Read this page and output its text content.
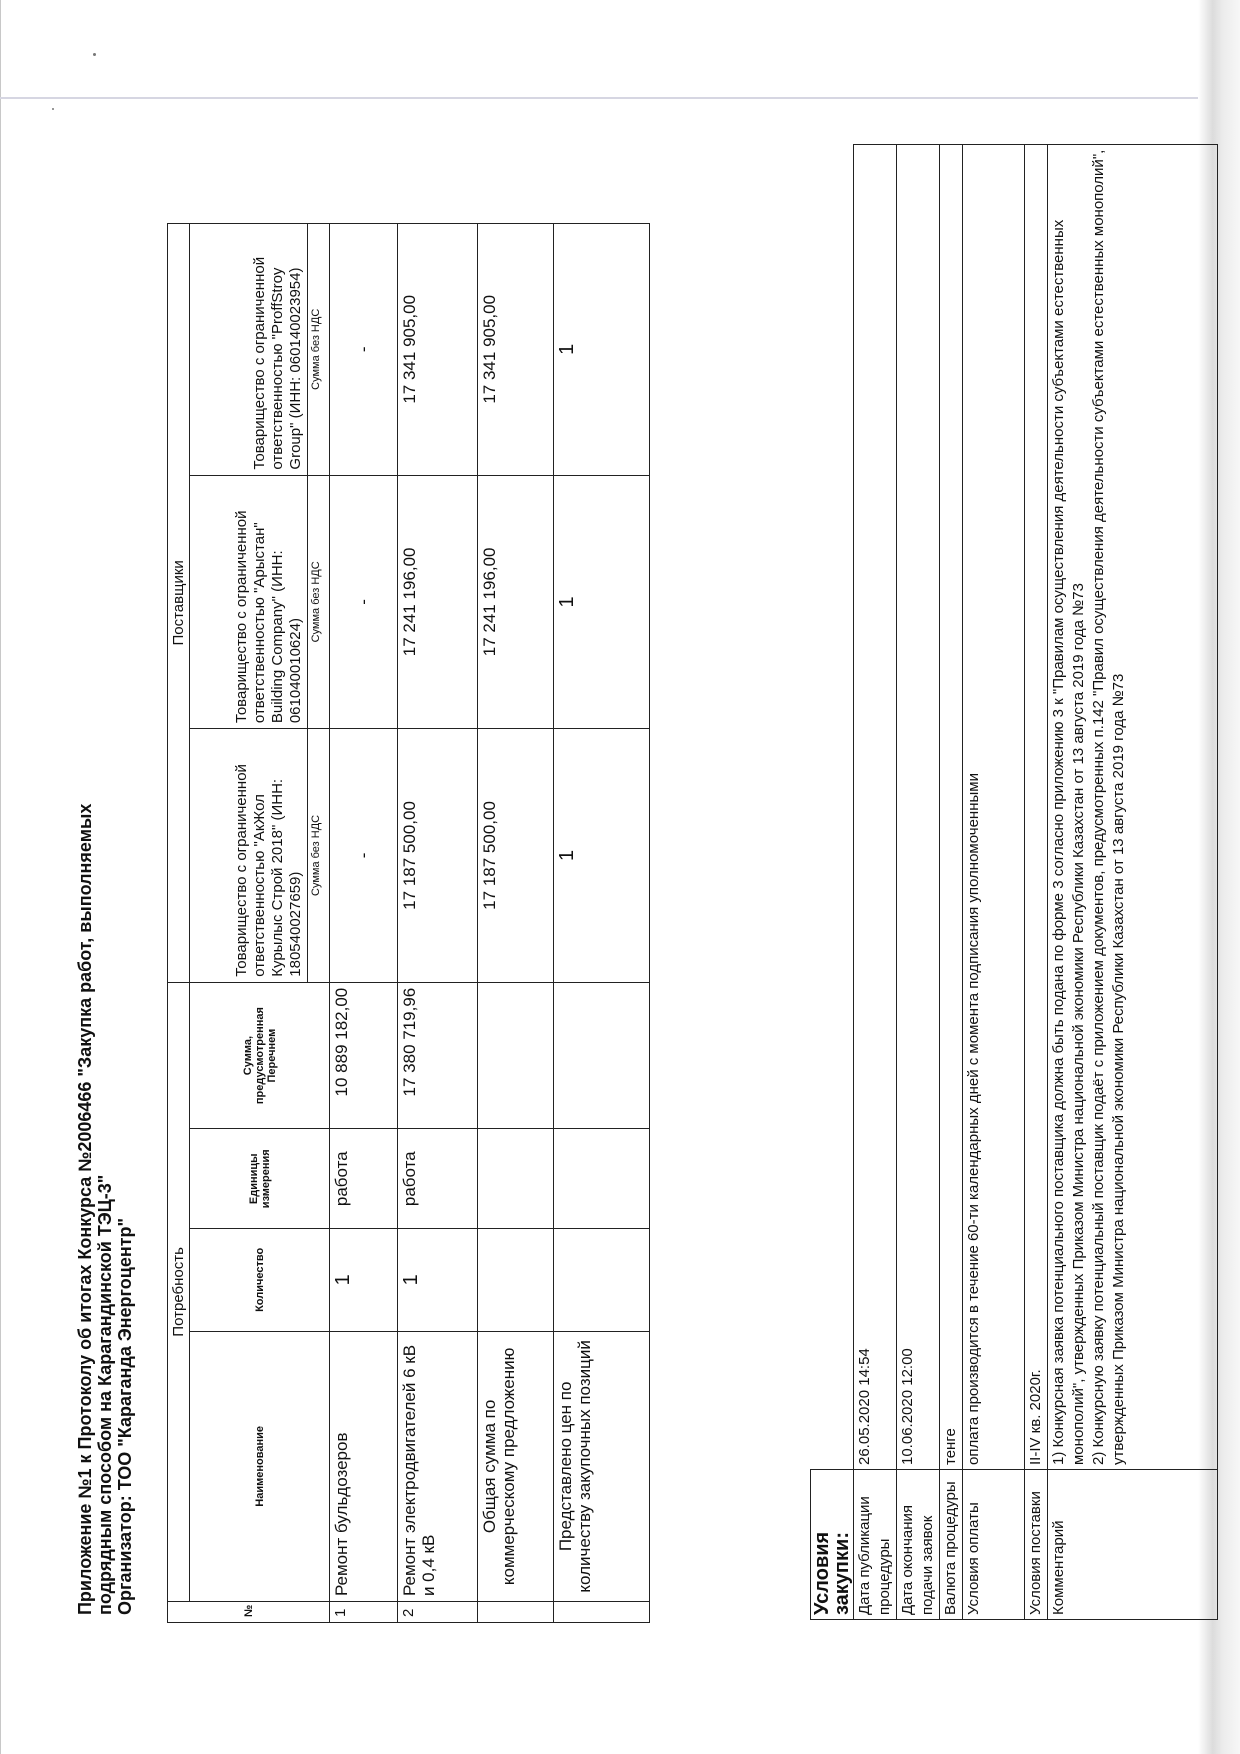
Приложение №1 к Протоколу об итогах Конкурса №2006466 "Закупка работ, выполняемых подрядным способом на Карагандинской ТЭЦ-3" Организатор: ТОО "Караганда Энергоцентр"	№	Потребность				Поставщики		
	Наименование	Количество	Единицы измерения	Сумма, предусмотренная Перечнем	Товарищество с ограниченной ответственностью "АкЖол Курылыс Строй 2018" (ИНН: 180540027659)	Товарищество с ограниченной ответственностью "Арыстан" Building Company" (ИНН: 061040010624)	Товарищество с ограниченной ответственностью "ProffStroy Group" (ИНН: 060140023954)
					Сумма без НДС	Сумма без НДС	Сумма без НДС
1	Ремонт бульдозеров	1	работа	10 889 182,00	-	-	-
2	Ремонт электродвигателей 6 кВ и 0,4 кВ	1	работа	17 380 719,96	17 187 500,00	17 241 196,00	17 341 905,00
	Общая сумма по коммерческому предложению				17 187 500,00	17 241 196,00	17 341 905,00
	Представлено цен по количеству закупочных позиций				1	1	1
Условия закупки:	
Дата публикации процедуры	26.05.2020 14:54
Дата окончания подачи заявок	10.06.2020 12:00
Валюта процедуры	тенге
Условия оплаты	оплата производится в течение 60-ти календарных дней с момента подписания уполномоченными
Условия поставки	II-IV кв. 2020г.
Комментарий	1) Конкурсная заявка потенциального поставщика должна быть подана по форме 3 согласно приложению 3 к "Правилам осуществления деятельности субъектами естественных монополий", утвержденных Приказом Министра национальной экономики Республики Казахстан от 13 августа 2019 года №73 2) Конкурсную заявку потенциальный поставщик подаёт с приложением документов, предусмотренных п.142 "Правил осуществления деятельности субъектами естественных монополий", утвержденных Приказом Министра национальной экономики Республики Казахстан от 13 августа 2019 года №73
